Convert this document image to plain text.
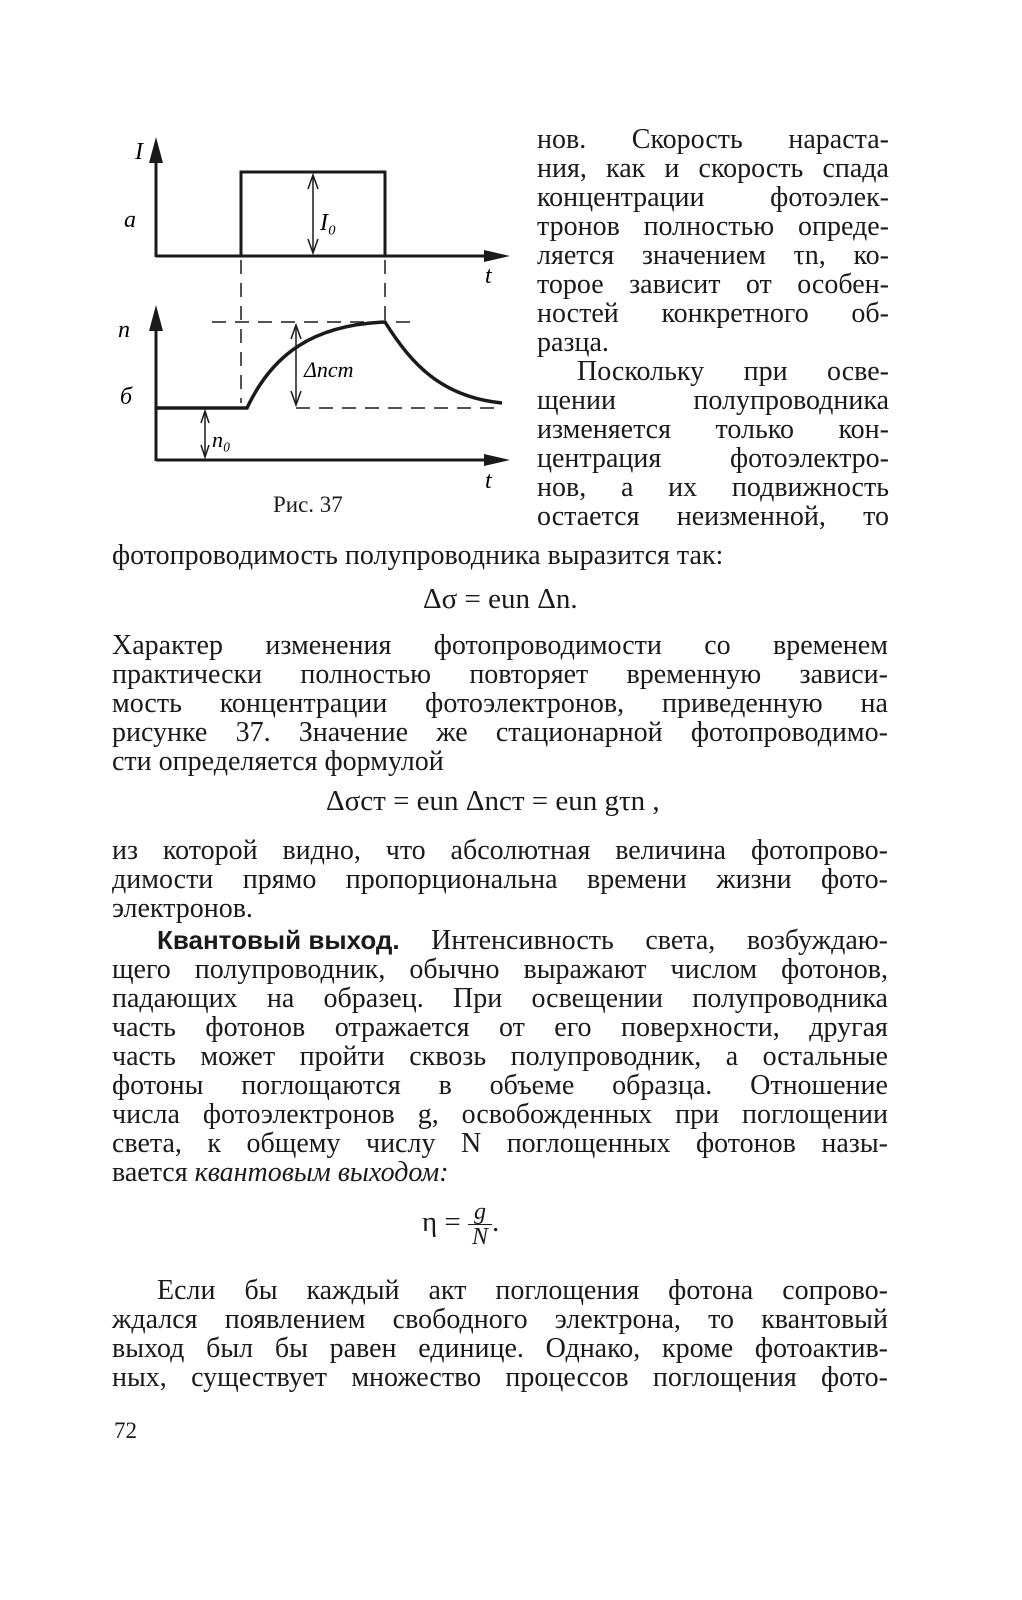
I
а	I₀
t
n
б
Δnст
n₀
t
Рис. 37
нов. Скорость нараста-
ния, как и скорость спада
концентрации фотоэлек-
тронов полностью опреде-
ляется значением τn, ко-
торое зависит от особен-
ностей конкретного об-
разца.
Поскольку при осве-
щении	полупроводника
изменяется только кон-
центрация фотоэлектро-
нов, а их подвижность
остается неизменной, то
фотопроводимость полупроводника выразится так:
Δσ = eun Δn.
Характер изменения фотопроводимости со временем
практически полностью повторяет временную зависи-
мость концентрации фотоэлектронов, приведенную на
рисунке 37. Значение же стационарной фотопроводимо-
сти определяется формулой
Δσст = eun Δnст = eun gτn ,
из которой видно, что абсолютная величина фотопрово-
димости прямо пропорциональна времени жизни фото-
электронов.
Квантовый выход. Интенсивность света, возбуждаю-
щего полупроводник, обычно выражают числом фотонов,
падающих на образец. При освещении полупроводника
часть фотонов отражается от его поверхности, другая
часть может пройти сквозь полупроводник, а остальные
фотоны поглощаются в объеме образца. Отношение
числа фотоэлектронов g, освобожденных при поглощении
света, к общему числу N поглощенных фотонов назы-
вается квантовым выходом:
$\eta = \frac{g}{N}$ .
Если бы каждый акт поглощения фотона сопрово-
ждался появлением свободного электрона, то квантовый
выход был бы равен единице. Однако, кроме фотоактив-
ных, существует множество процессов поглощения фото-
72
